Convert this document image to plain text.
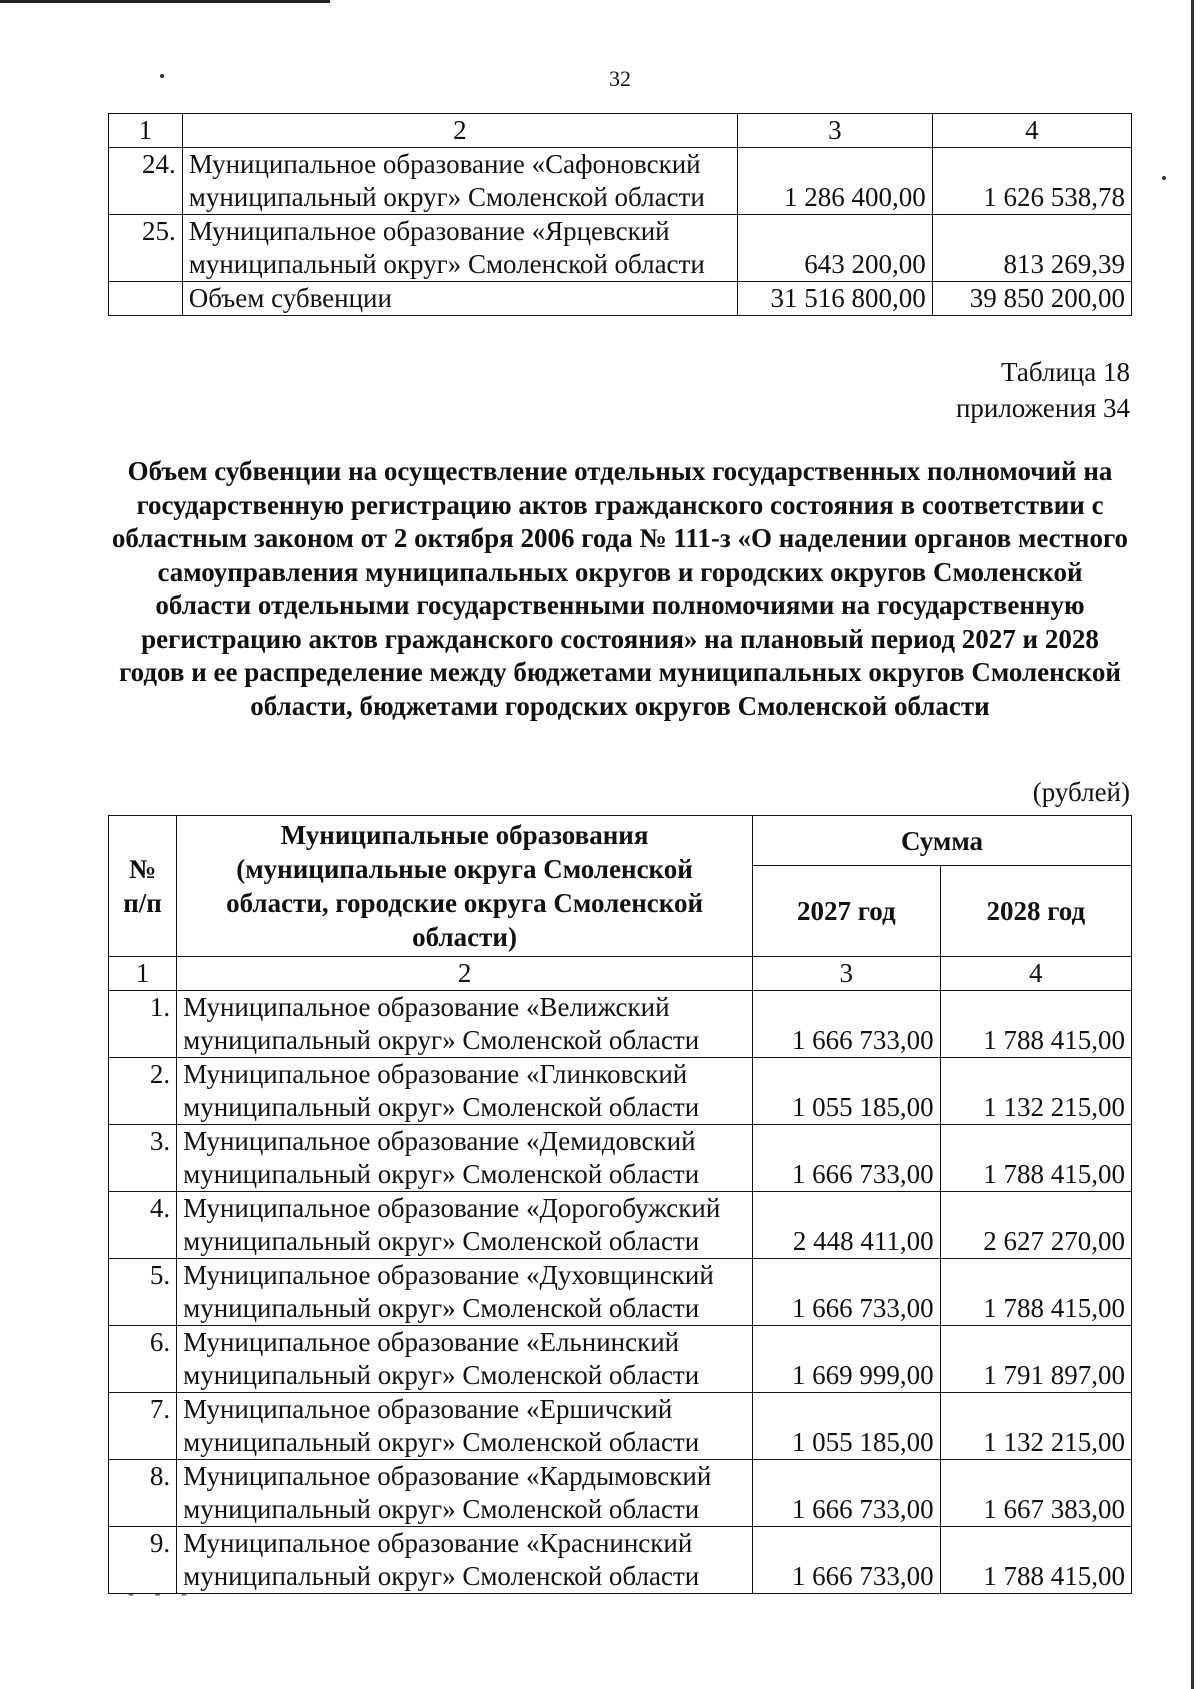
- - -
32
1	2	3	4
24.	Муниципальное образование «Сафоновский
муниципальный округ» Смоленской области	1 286 400,00	1 626 538,78
25.	Муниципальное образование «Ярцевский
муниципальный округ» Смоленской области	643 200,00	813 269,39
	Объем субвенции	31 516 800,00	39 850 200,00
Таблица 18
приложения 34
Объем субвенции на осуществление отдельных государственных полномочий на государственную регистрацию актов гражданского состояния в соответствии с областным законом от 2 октября 2006 года № 111-з «О наделении органов местного самоуправления муниципальных округов и городских округов Смоленской области отдельными государственными полномочиями на государственную регистрацию актов гражданского состояния» на плановый период 2027 и 2028 годов и ее распределение между бюджетами муниципальных округов Смоленской области, бюджетами городских округов Смоленской области
(рублей)
№ п/п	Муниципальные образования (муниципальные округа Смоленской области, городские округа Смоленской области)	Сумма	
		2027 год	2028 год
1	2	3	4
1.	Муниципальное образование «Велижский
муниципальный округ» Смоленской области	1 666 733,00	1 788 415,00
2.	Муниципальное образование «Глинковский
муниципальный округ» Смоленской области	1 055 185,00	1 132 215,00
3.	Муниципальное образование «Демидовский
муниципальный округ» Смоленской области	1 666 733,00	1 788 415,00
4.	Муниципальное образование «Дорогобужский
муниципальный округ» Смоленской области	2 448 411,00	2 627 270,00
5.	Муниципальное образование «Духовщинский
муниципальный округ» Смоленской области	1 666 733,00	1 788 415,00
6.	Муниципальное образование «Ельнинский
муниципальный округ» Смоленской области	1 669 999,00	1 791 897,00
7.	Муниципальное образование «Ершичский
муниципальный округ» Смоленской области	1 055 185,00	1 132 215,00
8.	Муниципальное образование «Кардымовский
муниципальный округ» Смоленской области	1 666 733,00	1 667 383,00
9.	Муниципальное образование «Краснинский
муниципальный округ» Смоленской области	1 666 733,00	1 788 415,00
